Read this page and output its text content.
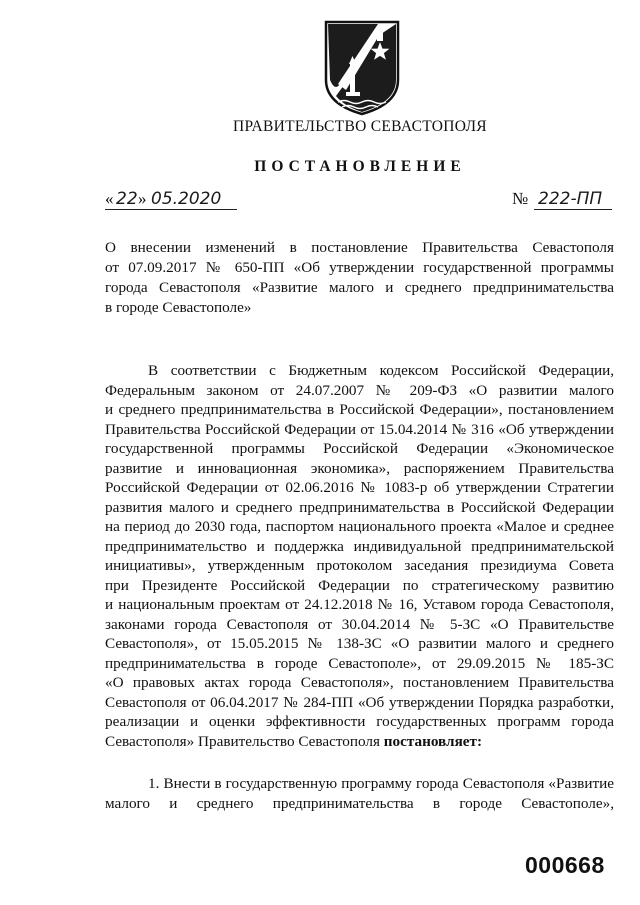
ПРАВИТЕЛЬСТВО СЕВАСТОПОЛЯ
ПОСТАНОВЛЕНИЕ
« 22 » 05.2020	№ 222-ПП

О внесении изменений в постановление Правительства Севастополя

от 07.09.2017 № 650-ПП «Об утверждении государственной программы

города Севастополя «Развитие малого и среднего предпринимательства

в городе Севастополе»

В соответствии с Бюджетным кодексом Российской Федерации,

Федеральным законом от 24.07.2007 № 209-ФЗ «О развитии малого

и среднего предпринимательства в Российской Федерации», постановлением

Правительства Российской Федерации от 15.04.2014 № 316 «Об утверждении

государственной программы Российской Федерации «Экономическое

развитие и инновационная экономика», распоряжением Правительства

Российской Федерации от 02.06.2016 № 1083-р об утверждении Стратегии

развития малого и среднего предпринимательства в Российской Федерации

на период до 2030 года, паспортом национального проекта «Малое и среднее

предпринимательство и поддержка индивидуальной предпринимательской

инициативы», утвержденным протоколом заседания президиума Совета

при Президенте Российской Федерации по стратегическому развитию

и национальным проектам от 24.12.2018 № 16, Уставом города Севастополя,

законами города Севастополя от 30.04.2014 № 5-ЗС «О Правительстве

Севастополя», от 15.05.2015 № 138-ЗС «О развитии малого и среднего

предпринимательства в городе Севастополе», от 29.09.2015 № 185-ЗС

«О правовых актах города Севастополя», постановлением Правительства

Севастополя от 06.04.2017 № 284-ПП «Об утверждении Порядка разработки,

реализации и оценки эффективности государственных программ города

Севастополя» Правительство Севастополя постановляет:

1. Внести в государственную программу города Севастополя «Развитие

малого и среднего предпринимательства в городе Севастополе»,

000668
